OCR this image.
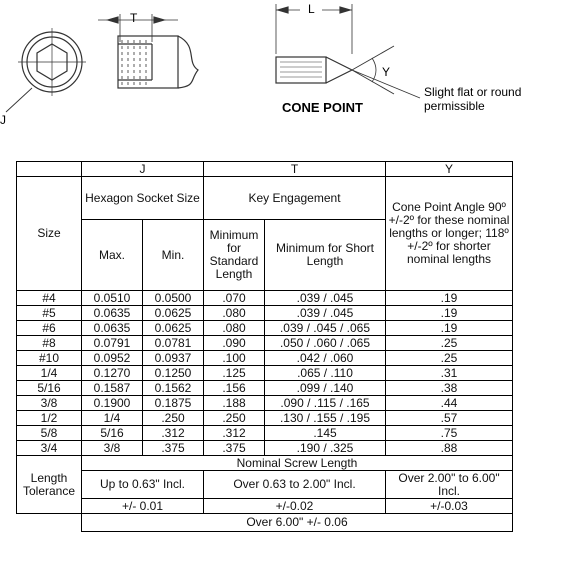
J
T
L
Y
CONE POINT
Slight flat or round
permissible
	J		T		Y
Size	Hexagon Socket Size		Key Engagement		Cone Point Angle 90º +/-2º for these nominal lengths or longer; 118º +/-2º for shorter nominal lengths
	Max.	Min.	Minimum for Standard Length	Minimum for Short Length	
#4	0.0510	0.0500	.070	.039 / .045	.19
#5	0.0635	0.0625	.080	.039 / .045	.19
#6	0.0635	0.0625	.080	.039 / .045 / .065	.19
#8	0.0791	0.0781	.090	.050 / .060 / .065	.25
#10	0.0952	0.0937	.100	.042 / .060	.25
1/4	0.1270	0.1250	.125	.065 / .110	.31
5/16	0.1587	0.1562	.156	.099 / .140	.38
3/8	0.1900	0.1875	.188	.090 / .115 / .165	.44
1/2	1/4	.250	.250	.130 / .155 / .195	.57
5/8	5/16	.312	.312	.145	.75
3/4	3/8	.375	.375	.190 / .325	.88
Length Tolerance	Nominal Screw Length				
	Up to 0.63" Incl.		Over 0.63 to 2.00" Incl.		Over 2.00" to 6.00" Incl.
	+/- 0.01		+/-0.02		+/-0.03
	Over 6.00" +/- 0.06				
